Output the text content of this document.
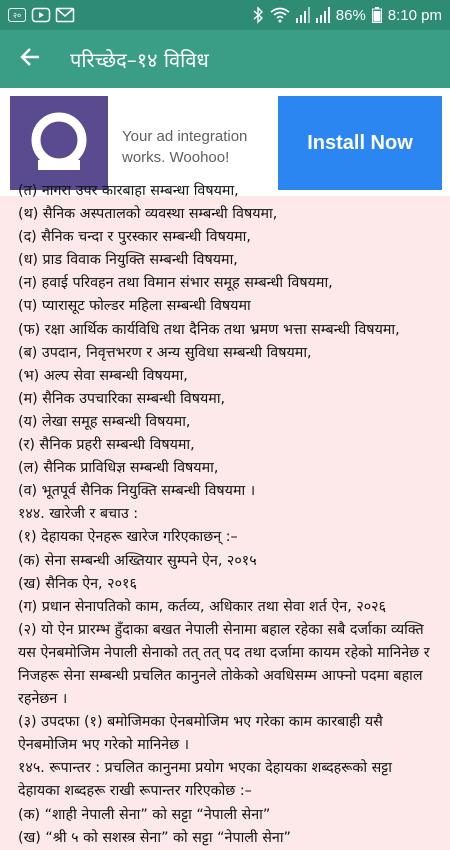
२०	86% 8:10 pm
परिच्छेद–१४ विविध
Your ad integration works. Woohoo!
Install Now
(त) नागरा उपर कारबाहा सम्बन्धा विषयमा,
(थ) सैनिक अस्पतालको व्यवस्था सम्बन्धी विषयमा,
(द) सैनिक चन्दा र पुरस्कार सम्बन्धी विषयमा,
(ध) प्राड विवाक नियुक्ति सम्बन्धी विषयमा,
(न) हवाई परिवहन तथा विमान संभार समूह सम्बन्धी विषयमा,
(प) प्यारासूट फोल्डर महिला सम्बन्धी विषयमा
(फ) रक्षा आर्थिक कार्यविधि तथा दैनिक तथा भ्रमण भत्ता सम्बन्धी विषयमा,
(ब) उपदान, निवृत्तभरण र अन्य सुविधा सम्बन्धी विषयमा,
(भ) अल्प सेवा सम्बन्धी विषयमा,
(म) सैनिक उपचारिका सम्बन्धी विषयमा,
(य) लेखा समूह सम्बन्धी विषयमा,
(र) सैनिक प्रहरी सम्बन्धी विषयमा,
(ल) सैनिक प्राविधिज्ञ सम्बन्धी विषयमा,
(व) भूतपूर्व सैनिक नियुक्ति सम्बन्धी विषयमा ।
१४४. खारेजी र बचाउ :
(१) देहायका ऐनहरू खारेज गरिएकाछन् :–
(क) सेना सम्बन्धी अख्तियार सुम्पने ऐन, २०१५
(ख) सैनिक ऐन, २०१६
(ग) प्रधान सेनापतिको काम, कर्तव्य, अधिकार तथा सेवा शर्त ऐन, २०२६
(२) यो ऐन प्रारम्भ हुँदाका बखत नेपाली सेनामा बहाल रहेका सबै दर्जाका व्यक्ति यस ऐनबमोजिम नेपाली सेनाको तत् तत् पद तथा दर्जामा कायम रहेको मानिनेछ र निजहरू सेना सम्बन्धी प्रचलित कानुनले तोकेको अवधिसम्म आफ्नो पदमा बहाल रहनेछन ।
(३) उपदफा (१) बमोजिमका ऐनबमोजिम भए गरेका काम कारबाही यसै ऐनबमोजिम भए गरेको मानिनेछ ।
१४५. रूपान्तर : प्रचलित कानुनमा प्रयोग भएका देहायका शब्दहरूको सट्टा देहायका शब्दहरू राखी रूपान्तर गरिएकोछ :–
(क) “शाही नेपाली सेना” को सट्टा “नेपाली सेना”
(ख) “श्री ५ को सशस्त्र सेना” को सट्टा “नेपाली सेना”
